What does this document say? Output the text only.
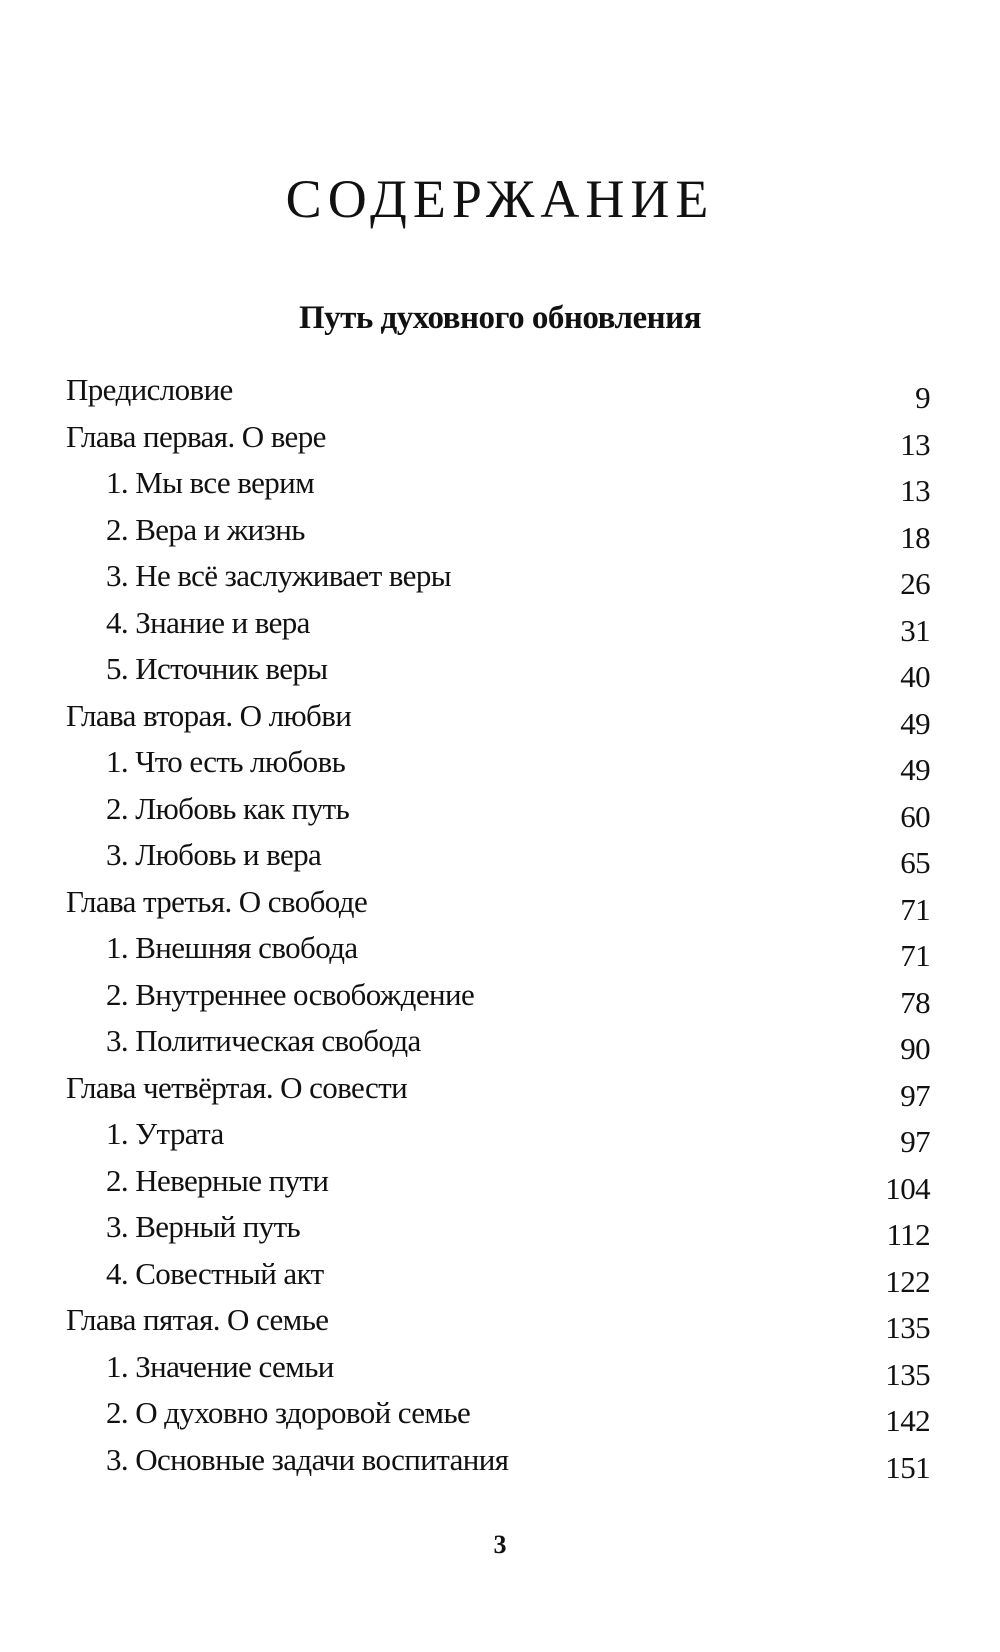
СОДЕРЖАНИЕ
Путь духовного обновления
Предисловие	9
Глава первая. О вере	13
1. Мы все верим	13
2. Вера и жизнь	18
3. Не всё заслуживает веры	26
4. Знание и вера	31
5. Источник веры	40
Глава вторая. О любви	49
1. Что есть любовь	49
2. Любовь как путь	60
3. Любовь и вера	65
Глава третья. О свободе	71
1. Внешняя свобода	71
2. Внутреннее освобождение	78
3. Политическая свобода	90
Глава четвёртая. О совести	97
1. Утрата	97
2. Неверные пути	104
3. Верный путь	112
4. Совестный акт	122
Глава пятая. О семье	135
1. Значение семьи	135
2. О духовно здоровой семье	142
3. Основные задачи воспитания	151
3
